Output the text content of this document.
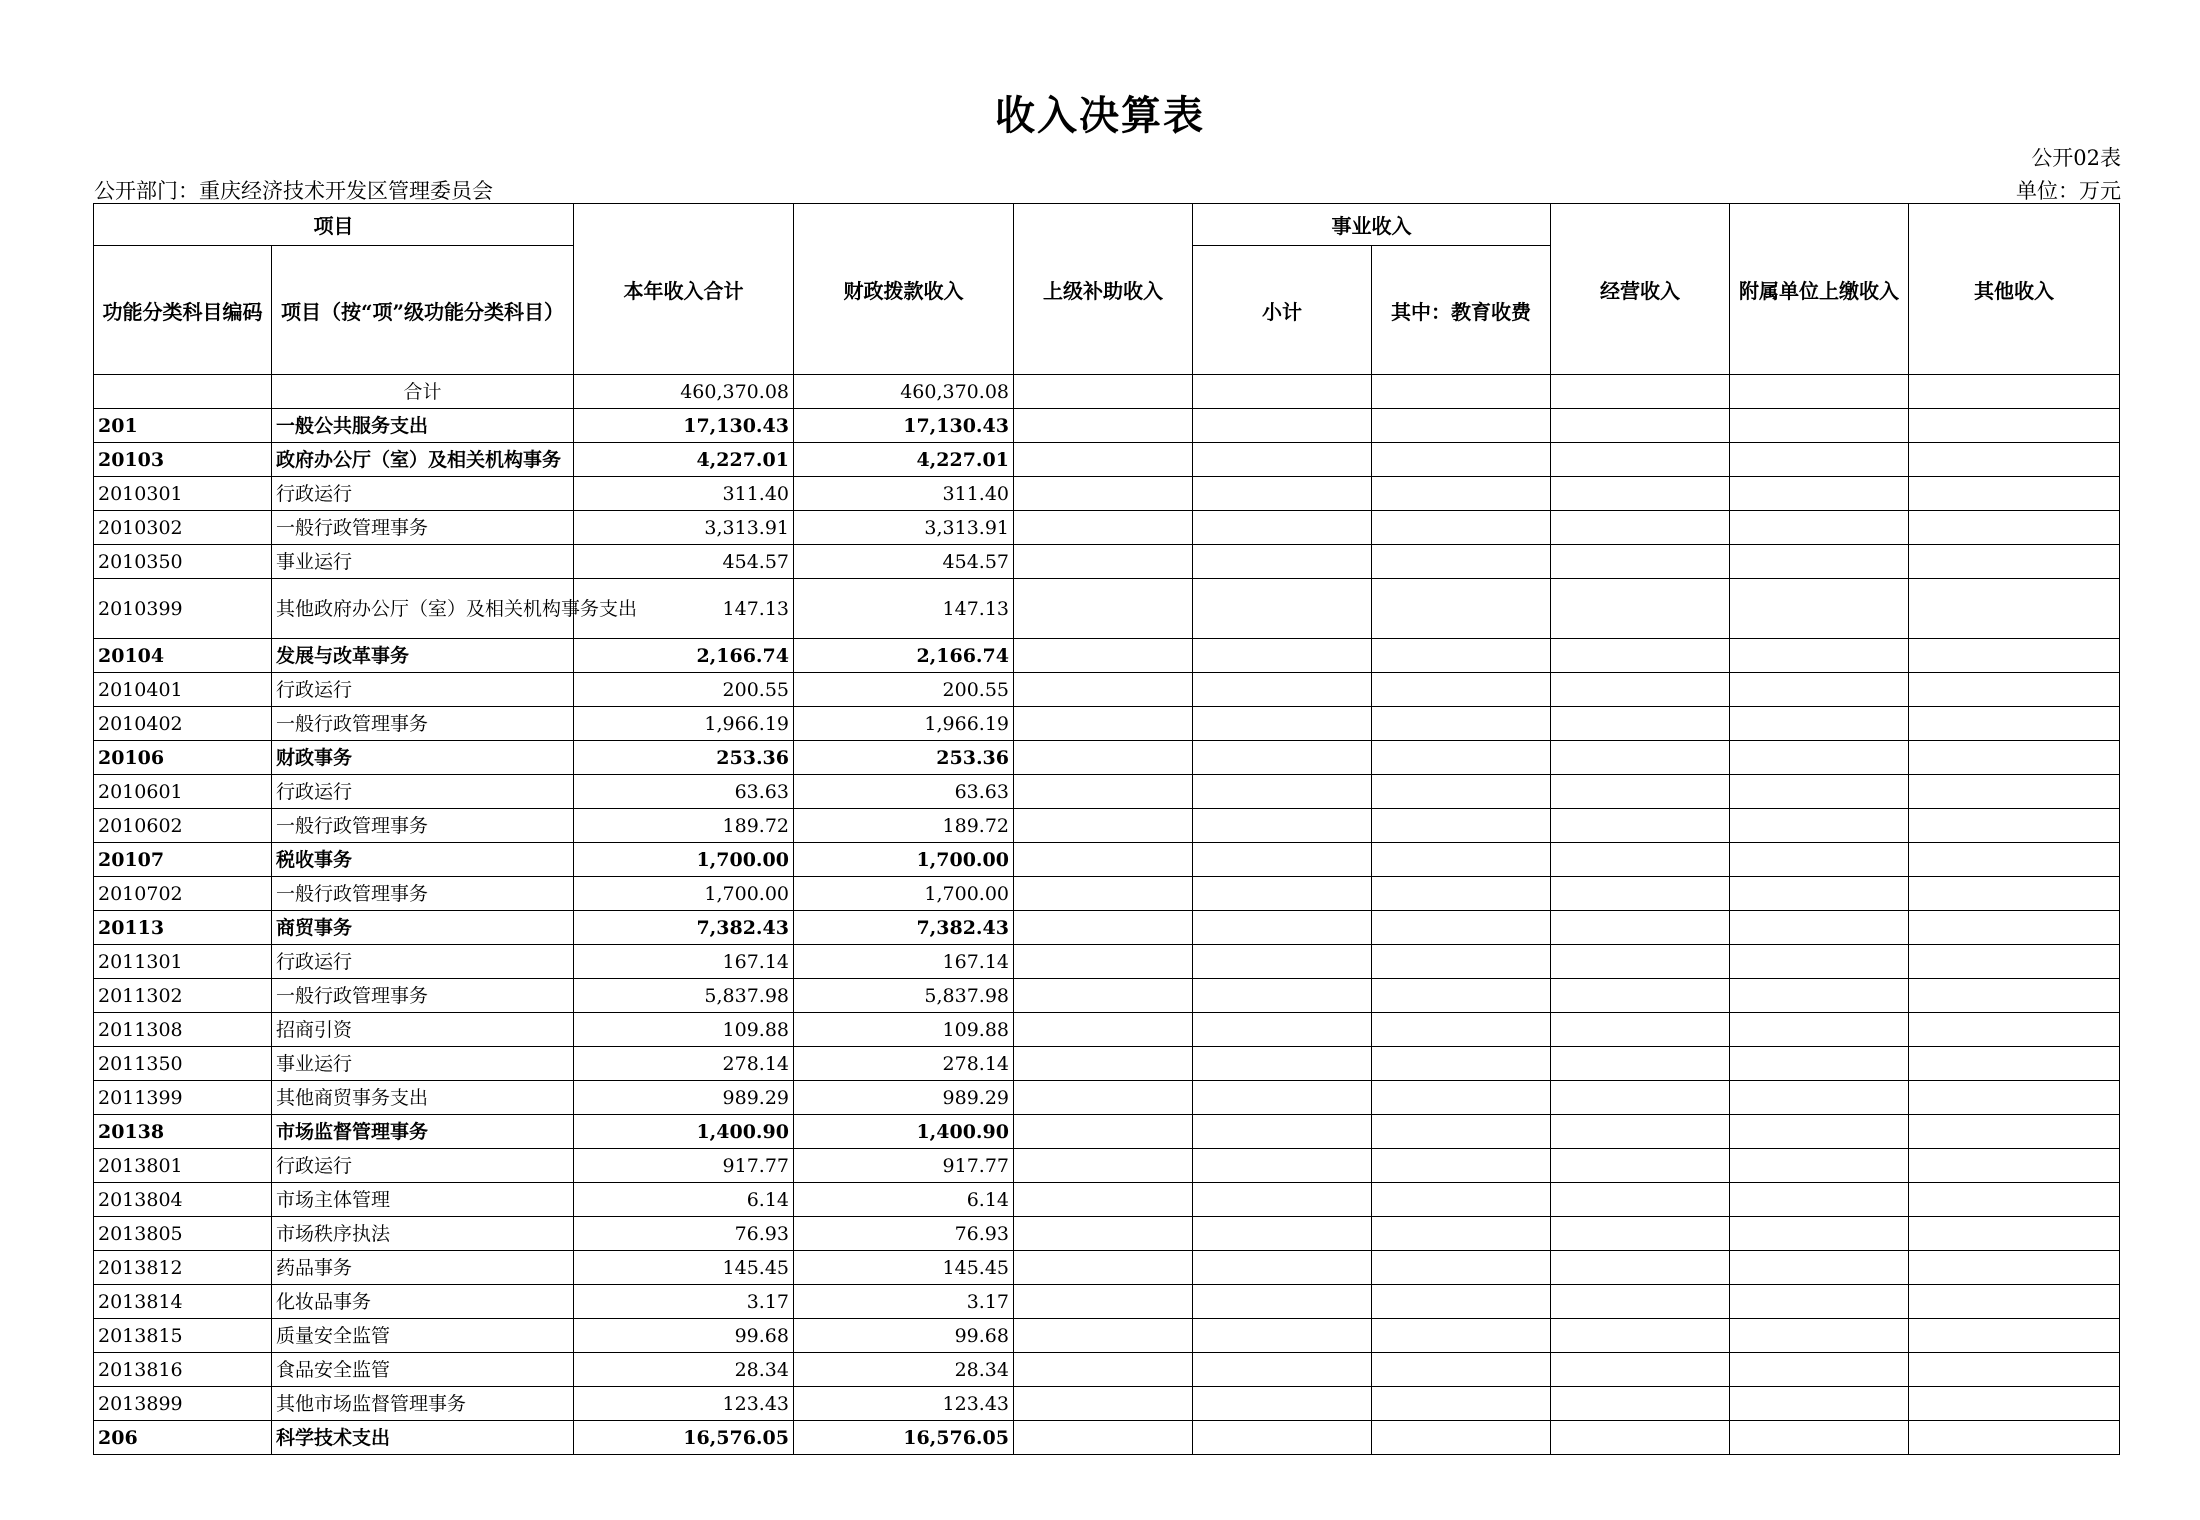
收入决算表
公开02表
公开部门：重庆经济技术开发区管理委员会	单位：万元
项目		本年收入合计	财政拨款收入	上级补助收入	事业收入		经营收入	附属单位上缴收入	其他收入
功能分类科目编码	项目（按“项”级功能分类科目）				小计	其中：教育收费			
	合计	460,370.08	460,370.08						
201	一般公共服务支出	17,130.43	17,130.43						
20103	政府办公厅（室）及相关机构事务	4,227.01	4,227.01						
2010301	行政运行	311.40	311.40						
2010302	一般行政管理事务	3,313.91	3,313.91						
2010350	事业运行	454.57	454.57						
2010399	其他政府办公厅（室）及相关机构事务支出	147.13	147.13						
20104	发展与改革事务	2,166.74	2,166.74						
2010401	行政运行	200.55	200.55						
2010402	一般行政管理事务	1,966.19	1,966.19						
20106	财政事务	253.36	253.36						
2010601	行政运行	63.63	63.63						
2010602	一般行政管理事务	189.72	189.72						
20107	税收事务	1,700.00	1,700.00						
2010702	一般行政管理事务	1,700.00	1,700.00						
20113	商贸事务	7,382.43	7,382.43						
2011301	行政运行	167.14	167.14						
2011302	一般行政管理事务	5,837.98	5,837.98						
2011308	招商引资	109.88	109.88						
2011350	事业运行	278.14	278.14						
2011399	其他商贸事务支出	989.29	989.29						
20138	市场监督管理事务	1,400.90	1,400.90						
2013801	行政运行	917.77	917.77						
2013804	市场主体管理	6.14	6.14						
2013805	市场秩序执法	76.93	76.93						
2013812	药品事务	145.45	145.45						
2013814	化妆品事务	3.17	3.17						
2013815	质量安全监管	99.68	99.68						
2013816	食品安全监管	28.34	28.34						
2013899	其他市场监督管理事务	123.43	123.43						
206	科学技术支出	16,576.05	16,576.05						
